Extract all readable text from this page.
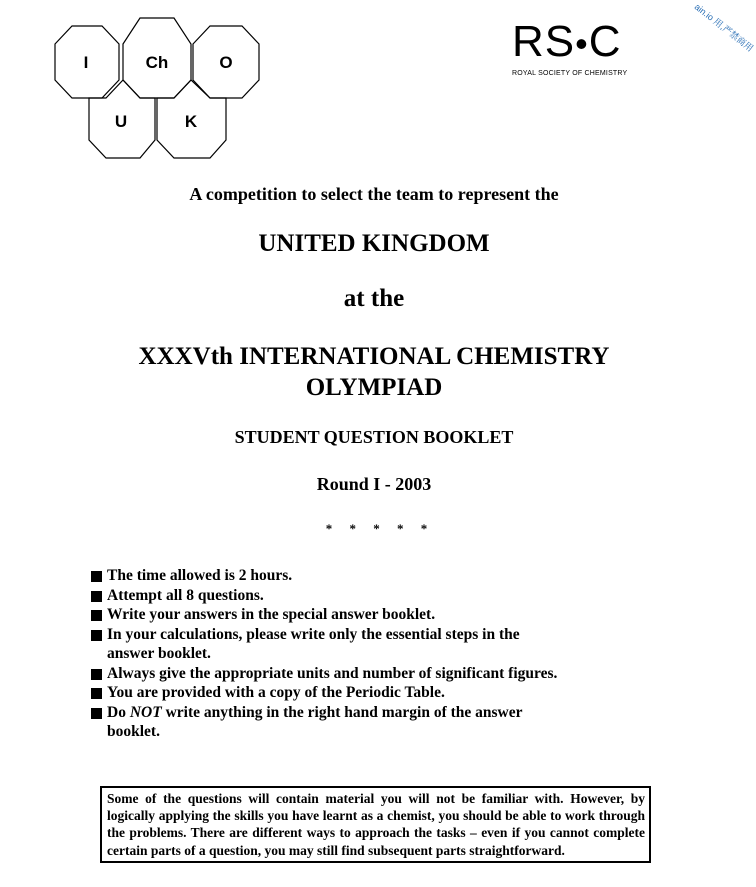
I	Ch	O
U	K
RS•C
ROYAL SOCIETY OF CHEMISTRY
ain.io 用,严禁商用
A competition to select the team to represent the
UNITED KINGDOM
at the
XXXVth INTERNATIONAL CHEMISTRY
OLYMPIAD
STUDENT QUESTION BOOKLET
Round I - 2003
* * * * *
The time allowed is 2 hours.
Attempt all 8 questions.
Write your answers in the special answer booklet.
In your calculations, please write only the essential steps in the answer booklet.
Always give the appropriate units and number of significant figures.
You are provided with a copy of the Periodic Table.
Do NOT write anything in the right hand margin of the answer booklet.
Some of the questions will contain material you will not be familiar with. However, by logically applying the skills you have learnt as a chemist, you should be able to work through the problems. There are different ways to approach the tasks – even if you cannot complete certain parts of a question, you may still find subsequent parts straightforward.
